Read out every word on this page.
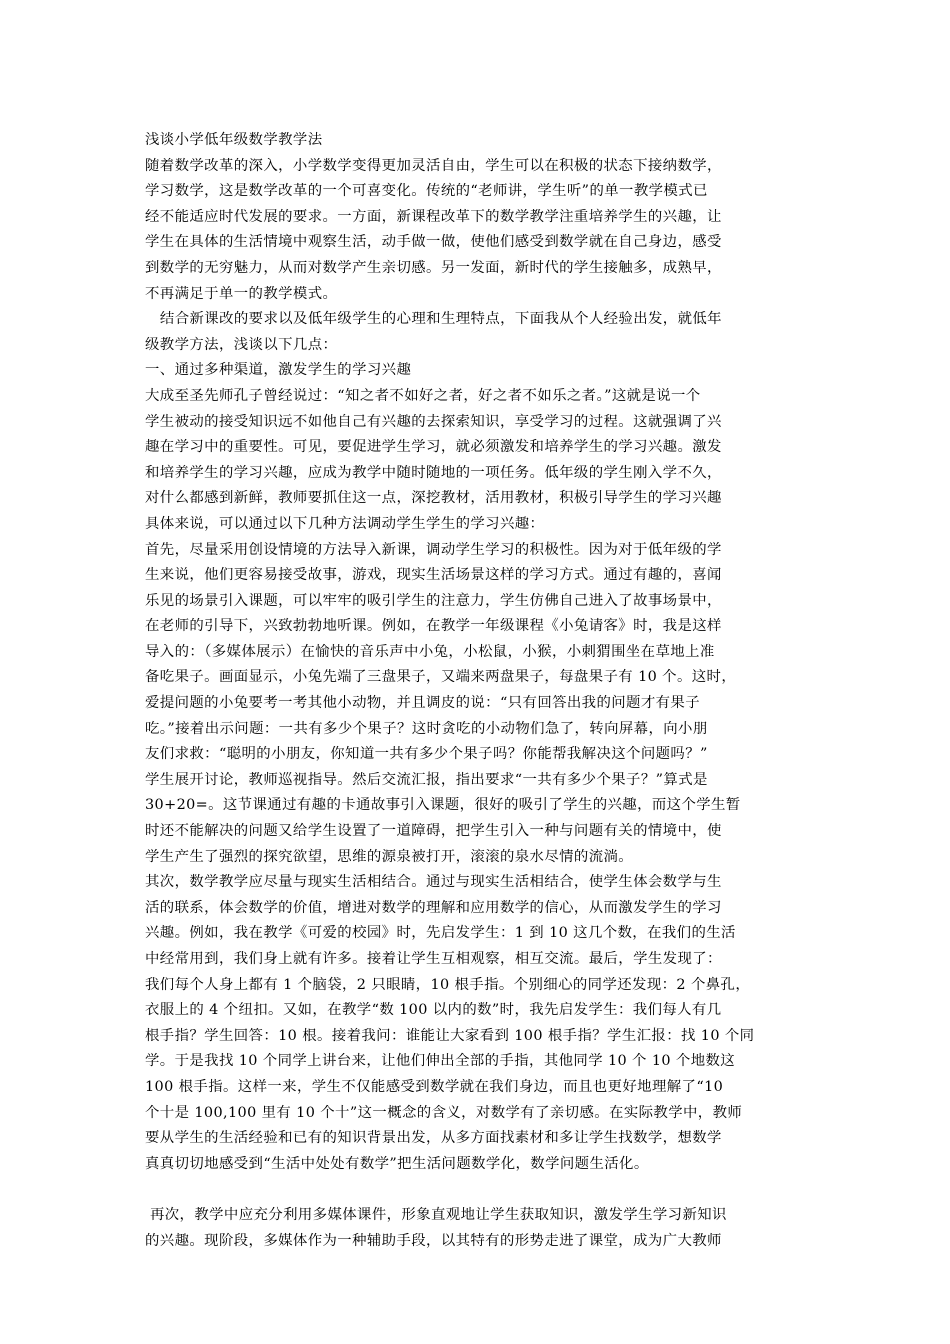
浅谈小学低年级数学教学法
随着数学改革的深入，小学数学变得更加灵活自由，学生可以在积极的状态下接纳数学，
学习数学，这是数学改革的一个可喜变化。传统的“老师讲，学生听”的单一教学模式已
经不能适应时代发展的要求。一方面，新课程改革下的数学教学注重培养学生的兴趣，让
学生在具体的生活情境中观察生活，动手做一做，使他们感受到数学就在自己身边，感受
到数学的无穷魅力，从而对数学产生亲切感。另一发面，新时代的学生接触多，成熟早，
不再满足于单一的教学模式。
结合新课改的要求以及低年级学生的心理和生理特点，下面我从个人经验出发，就低年
级教学方法，浅谈以下几点：
一、通过多种渠道，激发学生的学习兴趣
大成至圣先师孔子曾经说过：“知之者不如好之者，好之者不如乐之者。”这就是说一个
学生被动的接受知识远不如他自己有兴趣的去探索知识，享受学习的过程。这就强调了兴
趣在学习中的重要性。可见，要促进学生学习，就必须激发和培养学生的学习兴趣。激发
和培养学生的学习兴趣，应成为教学中随时随地的一项任务。低年级的学生刚入学不久，
对什么都感到新鲜，教师要抓住这一点，深挖教材，活用教材，积极引导学生的学习兴趣
具体来说，可以通过以下几种方法调动学生学生的学习兴趣：
首先，尽量采用创设情境的方法导入新课，调动学生学习的积极性。因为对于低年级的学
生来说，他们更容易接受故事，游戏，现实生活场景这样的学习方式。通过有趣的，喜闻
乐见的场景引入课题，可以牢牢的吸引学生的注意力，学生仿佛自己进入了故事场景中，
在老师的引导下，兴致勃勃地听课。例如，在教学一年级课程《小兔请客》时，我是这样
导入的：（多媒体展示）在愉快的音乐声中小兔，小松鼠，小猴，小刺猬围坐在草地上准
备吃果子。画面显示，小兔先端了三盘果子，又端来两盘果子，每盘果子有 10 个。这时，
爱提问题的小兔要考一考其他小动物，并且调皮的说：“只有回答出我的问题才有果子
吃。”接着出示问题：一共有多少个果子？这时贪吃的小动物们急了，转向屏幕，向小朋
友们求救：“聪明的小朋友，你知道一共有多少个果子吗？你能帮我解决这个问题吗？”
学生展开讨论，教师巡视指导。然后交流汇报，指出要求“一共有多少个果子？”算式是
30+20=。这节课通过有趣的卡通故事引入课题，很好的吸引了学生的兴趣，而这个学生暂
时还不能解决的问题又给学生设置了一道障碍，把学生引入一种与问题有关的情境中，使
学生产生了强烈的探究欲望，思维的源泉被打开，滚滚的泉水尽情的流淌。
其次，数学教学应尽量与现实生活相结合。通过与现实生活相结合，使学生体会数学与生
活的联系，体会数学的价值，增进对数学的理解和应用数学的信心，从而激发学生的学习
兴趣。例如，我在教学《可爱的校园》时，先启发学生：1 到 10 这几个数，在我们的生活
中经常用到，我们身上就有许多。接着让学生互相观察，相互交流。最后，学生发现了：
我们每个人身上都有 1 个脑袋，2 只眼睛，10 根手指。个别细心的同学还发现：2 个鼻孔，
衣服上的 4 个纽扣。又如，在教学“数 100 以内的数”时，我先启发学生：我们每人有几
根手指？学生回答：10 根。接着我问：谁能让大家看到 100 根手指？学生汇报：找 10 个同
学。于是我找 10 个同学上讲台来，让他们伸出全部的手指，其他同学 10 个 10 个地数这
100 根手指。这样一来，学生不仅能感受到数学就在我们身边，而且也更好地理解了“10
个十是 100,100 里有 10 个十”这一概念的含义，对数学有了亲切感。在实际教学中，教师
要从学生的生活经验和已有的知识背景出发，从多方面找素材和多让学生找数学，想数学
真真切切地感受到“生活中处处有数学”把生活问题数学化，数学问题生活化。
再次，教学中应充分利用多媒体课件，形象直观地让学生获取知识，激发学生学习新知识
的兴趣。现阶段，多媒体作为一种辅助手段，以其特有的形势走进了课堂，成为广大教师
